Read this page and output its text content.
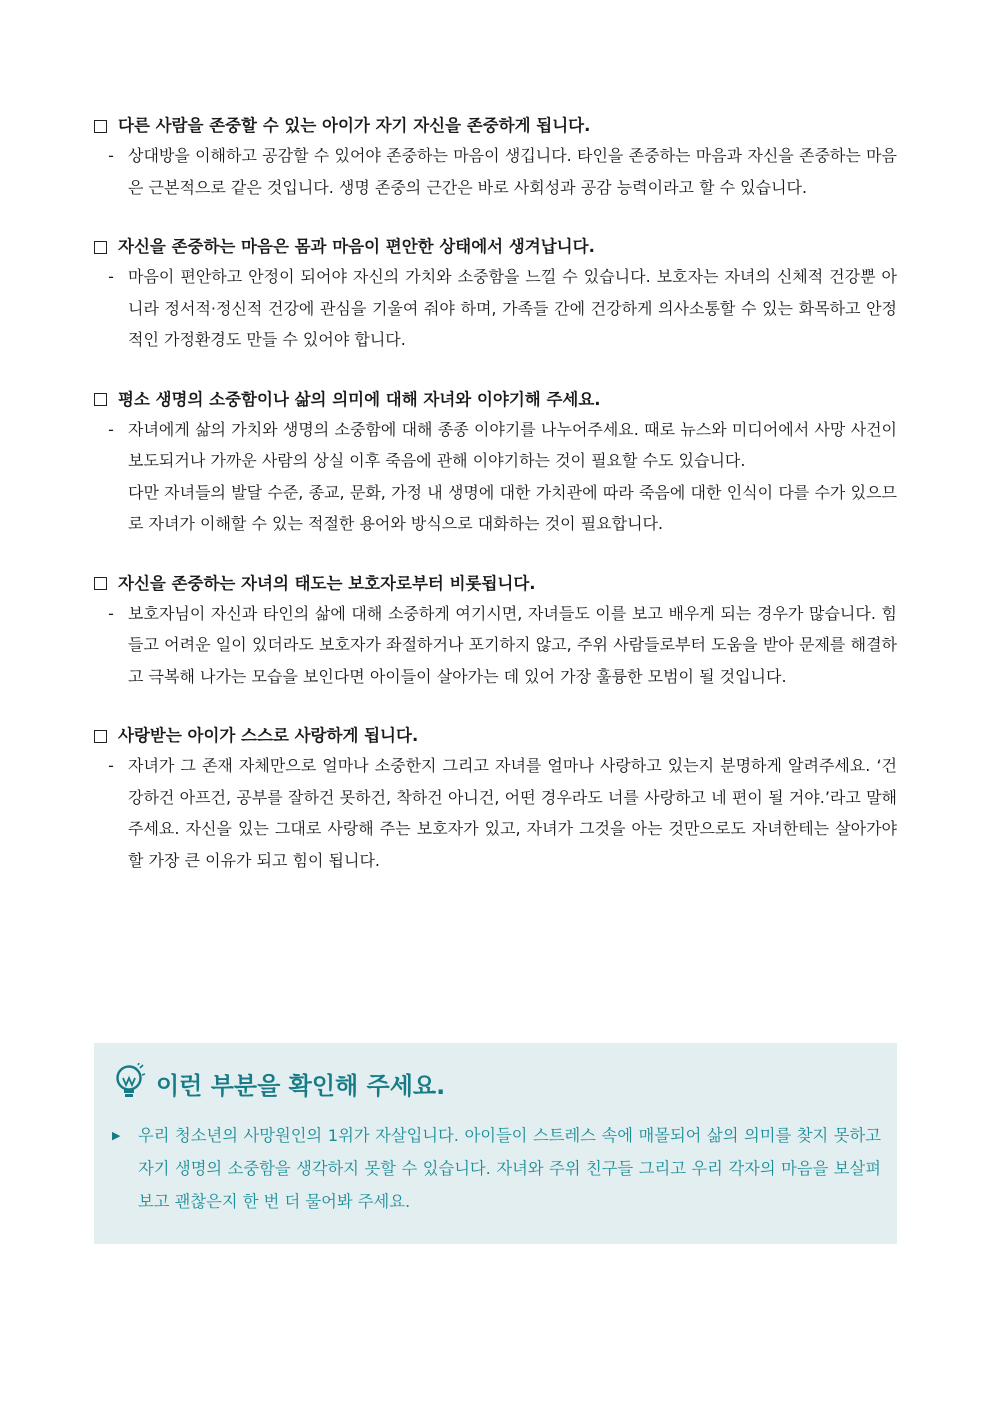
다른 사람을 존중할 수 있는 아이가 자기 자신을 존중하게 됩니다.
- 상대방을 이해하고 공감할 수 있어야 존중하는 마음이 생깁니다. 타인을 존중하는 마음과 자신을 존중하는 마음은 근본적으로 같은 것입니다. 생명 존중의 근간은 바로 사회성과 공감 능력이라고 할 수 있습니다.
자신을 존중하는 마음은 몸과 마음이 편안한 상태에서 생겨납니다.
- 마음이 편안하고 안정이 되어야 자신의 가치와 소중함을 느낄 수 있습니다. 보호자는 자녀의 신체적 건강뿐 아니라 정서적·정신적 건강에 관심을 기울여 줘야 하며, 가족들 간에 건강하게 의사소통할 수 있는 화목하고 안정적인 가정환경도 만들 수 있어야 합니다.
평소 생명의 소중함이나 삶의 의미에 대해 자녀와 이야기해 주세요.
- 자녀에게 삶의 가치와 생명의 소중함에 대해 종종 이야기를 나누어주세요. 때로 뉴스와 미디어에서 사망 사건이 보도되거나 가까운 사람의 상실 이후 죽음에 관해 이야기하는 것이 필요할 수도 있습니다.
다만 자녀들의 발달 수준, 종교, 문화, 가정 내 생명에 대한 가치관에 따라 죽음에 대한 인식이 다를 수가 있으므로 자녀가 이해할 수 있는 적절한 용어와 방식으로 대화하는 것이 필요합니다.
자신을 존중하는 자녀의 태도는 보호자로부터 비롯됩니다.
- 보호자님이 자신과 타인의 삶에 대해 소중하게 여기시면, 자녀들도 이를 보고 배우게 되는 경우가 많습니다. 힘들고 어려운 일이 있더라도 보호자가 좌절하거나 포기하지 않고, 주위 사람들로부터 도움을 받아 문제를 해결하고 극복해 나가는 모습을 보인다면 아이들이 살아가는 데 있어 가장 훌륭한 모범이 될 것입니다.
사랑받는 아이가 스스로 사랑하게 됩니다.
- 자녀가 그 존재 자체만으로 얼마나 소중한지 그리고 자녀를 얼마나 사랑하고 있는지 분명하게 알려주세요. ‘건강하건 아프건, 공부를 잘하건 못하건, 착하건 아니건, 어떤 경우라도 너를 사랑하고 네 편이 될 거야.’라고 말해주세요. 자신을 있는 그대로 사랑해 주는 보호자가 있고, 자녀가 그것을 아는 것만으로도 자녀한테는 살아가야 할 가장 큰 이유가 되고 힘이 됩니다.
이런 부분을 확인해 주세요.
▶	우리 청소년의 사망원인의 1위가 자살입니다. 아이들이 스트레스 속에 매몰되어 삶의 의미를 찾지 못하고 자기 생명의 소중함을 생각하지 못할 수 있습니다. 자녀와 주위 친구들 그리고 우리 각자의 마음을 보살펴 보고 괜찮은지 한 번 더 물어봐 주세요.
